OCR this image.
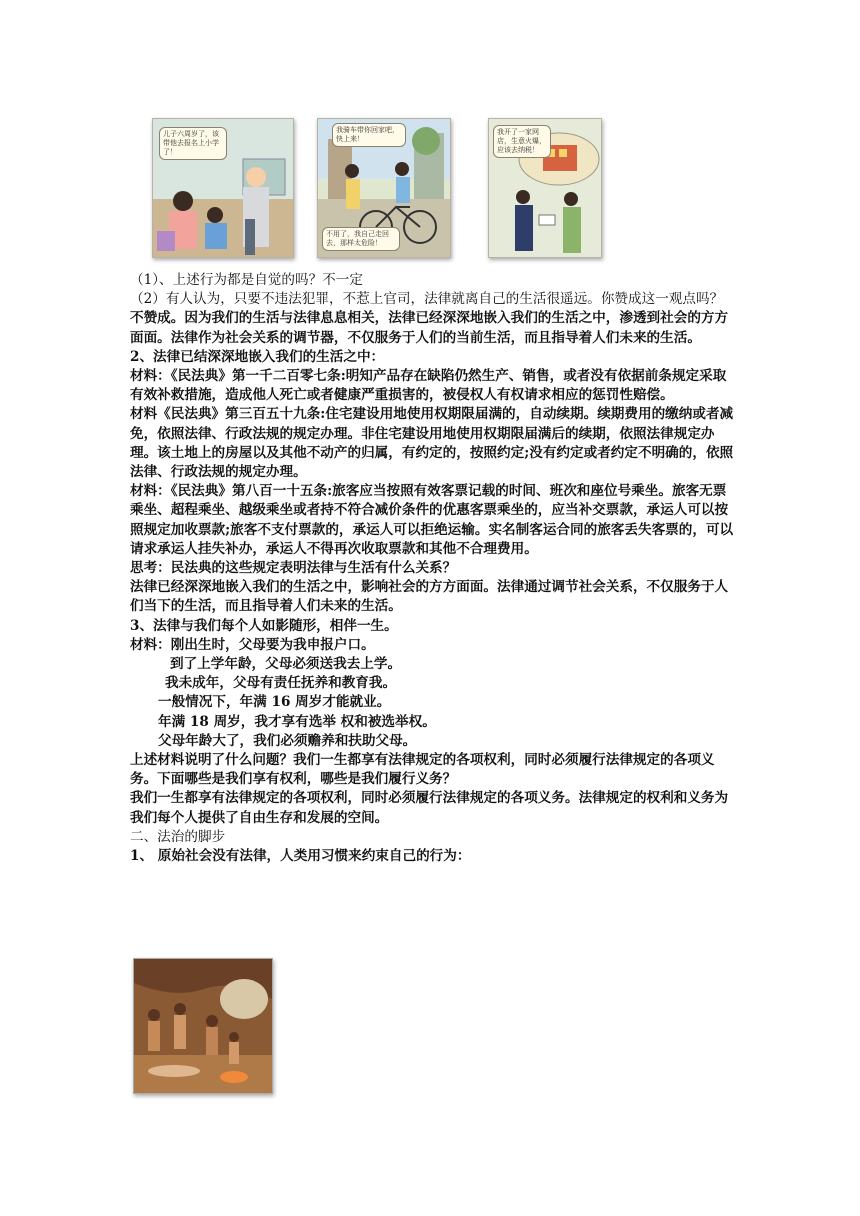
儿子六周岁了，该带他去报名上小学了！
我骑车带你回家吧，快上来！
不用了，我自己走回去，那样太危险！
我开了一家网店，生意火爆，应该去纳税！

（1）、上述行为都是自觉的吗？不一定

（2）有人认为，只要不违法犯罪，不惹上官司，法律就离自己的生活很遥远。你赞成这一观点吗？

不赞成。因为我们的生活与法律息息相关，法律已经深深地嵌入我们的生活之中，渗透到社会的方方面面。法律作为社会关系的调节器，不仅服务于人们的当前生活，而且指导着人们未来的生活。

2、法律已结深深地嵌入我们的生活之中：

材料：《民法典》第一千二百零七条:明知产品存在缺陷仍然生产、销售，或者没有依据前条规定采取有效补救措施，造成他人死亡或者健康严重损害的，被侵权人有权请求相应的惩罚性赔偿。

材料《民法典》第三百五十九条:住宅建设用地使用权期限届满的，自动续期。续期费用的缴纳或者减免，依照法律、行政法规的规定办理。非住宅建设用地使用权期限届满后的续期，依照法律规定办理。该土地上的房屋以及其他不动产的归属，有约定的，按照约定;没有约定或者约定不明确的，依照法律、行政法规的规定办理。

材料：《民法典》第八百一十五条:旅客应当按照有效客票记载的时间、班次和座位号乘坐。旅客无票乘坐、超程乘坐、越级乘坐或者持不符合减价条件的优惠客票乘坐的，应当补交票款，承运人可以按照规定加收票款;旅客不支付票款的，承运人可以拒绝运输。实名制客运合同的旅客丢失客票的，可以请求承运人挂失补办，承运人不得再次收取票款和其他不合理费用。

思考：民法典的这些规定表明法律与生活有什么关系？

法律已经深深地嵌入我们的生活之中，影响社会的方方面面。法律通过调节社会关系，不仅服务于人们当下的生活，而且指导着人们未来的生活。

3、法律与我们每个人如影随形，相伴一生。

材料：刚出生时，父母要为我申报户口。

到了上学年龄，父母必须送我去上学。

我未成年，父母有责任抚养和教育我。

一般情况下，年满 16 周岁才能就业。

年满 18 周岁，我才享有选举 权和被选举权。

父母年龄大了，我们必须赡养和扶助父母。

上述材料说明了什么问题？我们一生都享有法律规定的各项权利，同时必须履行法律规定的各项义务。下面哪些是我们享有权利，哪些是我们履行义务？

我们一生都享有法律规定的各项权利，同时必须履行法律规定的各项义务。法律规定的权利和义务为我们每个人提供了自由生存和发展的空间。

二、法治的脚步

1、 原始社会没有法律，人类用习惯来约束自己的行为：
